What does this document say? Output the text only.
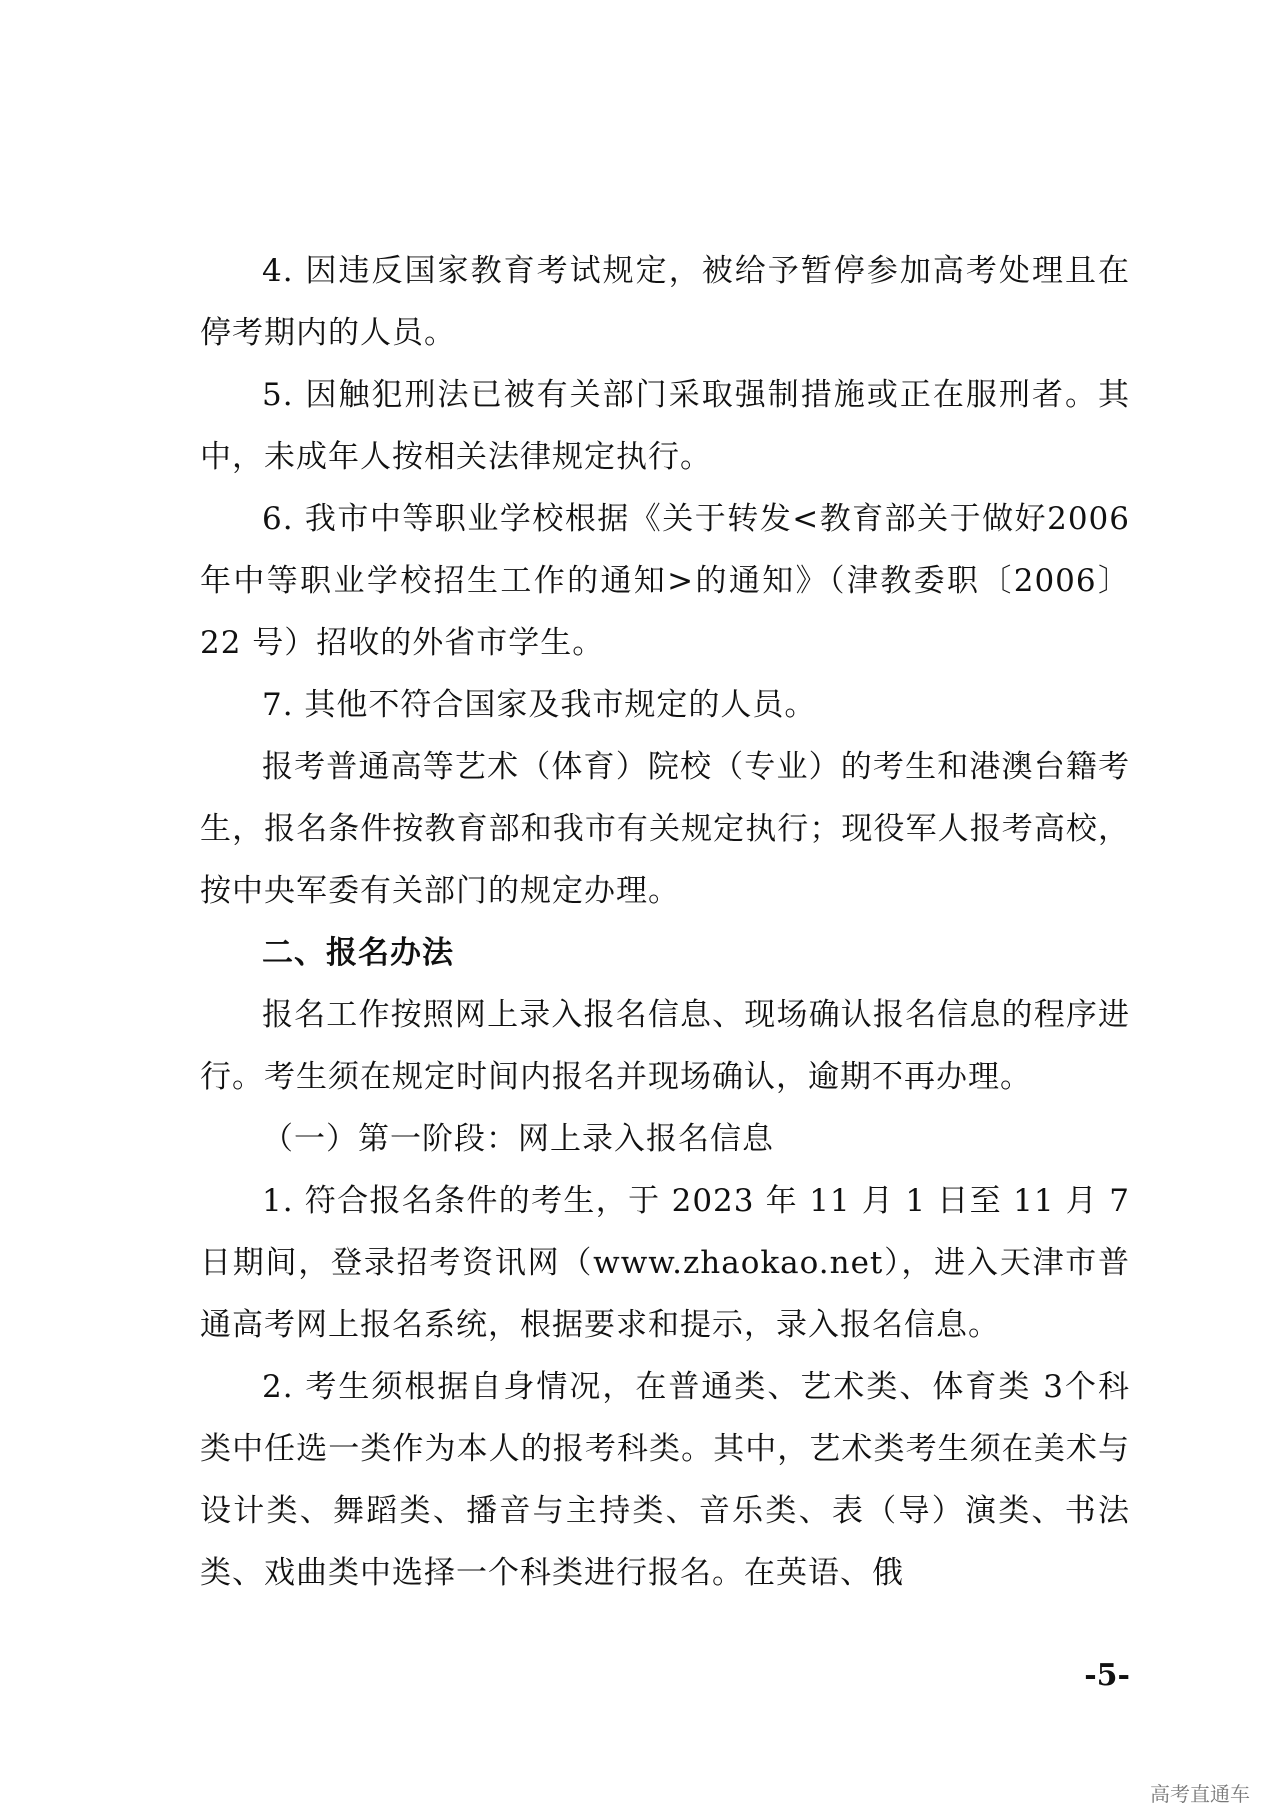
4. 因违反国家教育考试规定，被给予暂停参加高考处理且在停考期内的人员。

5. 因触犯刑法已被有关部门采取强制措施或正在服刑者。其中，未成年人按相关法律规定执行。

6. 我市中等职业学校根据《关于转发<教育部关于做好2006 年中等职业学校招生工作的通知>的通知》（津教委职〔2006〕22 号）招收的外省市学生。

7. 其他不符合国家及我市规定的人员。

报考普通高等艺术（体育）院校（专业）的考生和港澳台籍考生，报名条件按教育部和我市有关规定执行；现役军人报考高校，按中央军委有关部门的规定办理。

二、报名办法

报名工作按照网上录入报名信息、现场确认报名信息的程序进行。考生须在规定时间内报名并现场确认，逾期不再办理。

（一）第一阶段：网上录入报名信息

1. 符合报名条件的考生，于 2023 年 11 月 1 日至 11 月 7日期间，登录招考资讯网（www.zhaokao.net），进入天津市普通高考网上报名系统，根据要求和提示，录入报名信息。

2. 考生须根据自身情况，在普通类、艺术类、体育类 3个科类中任选一类作为本人的报考科类。其中，艺术类考生须在美术与设计类、舞蹈类、播音与主持类、音乐类、表（导）演类、书法类、戏曲类中选择一个科类进行报名。在英语、俄

-5-
高考直通车
